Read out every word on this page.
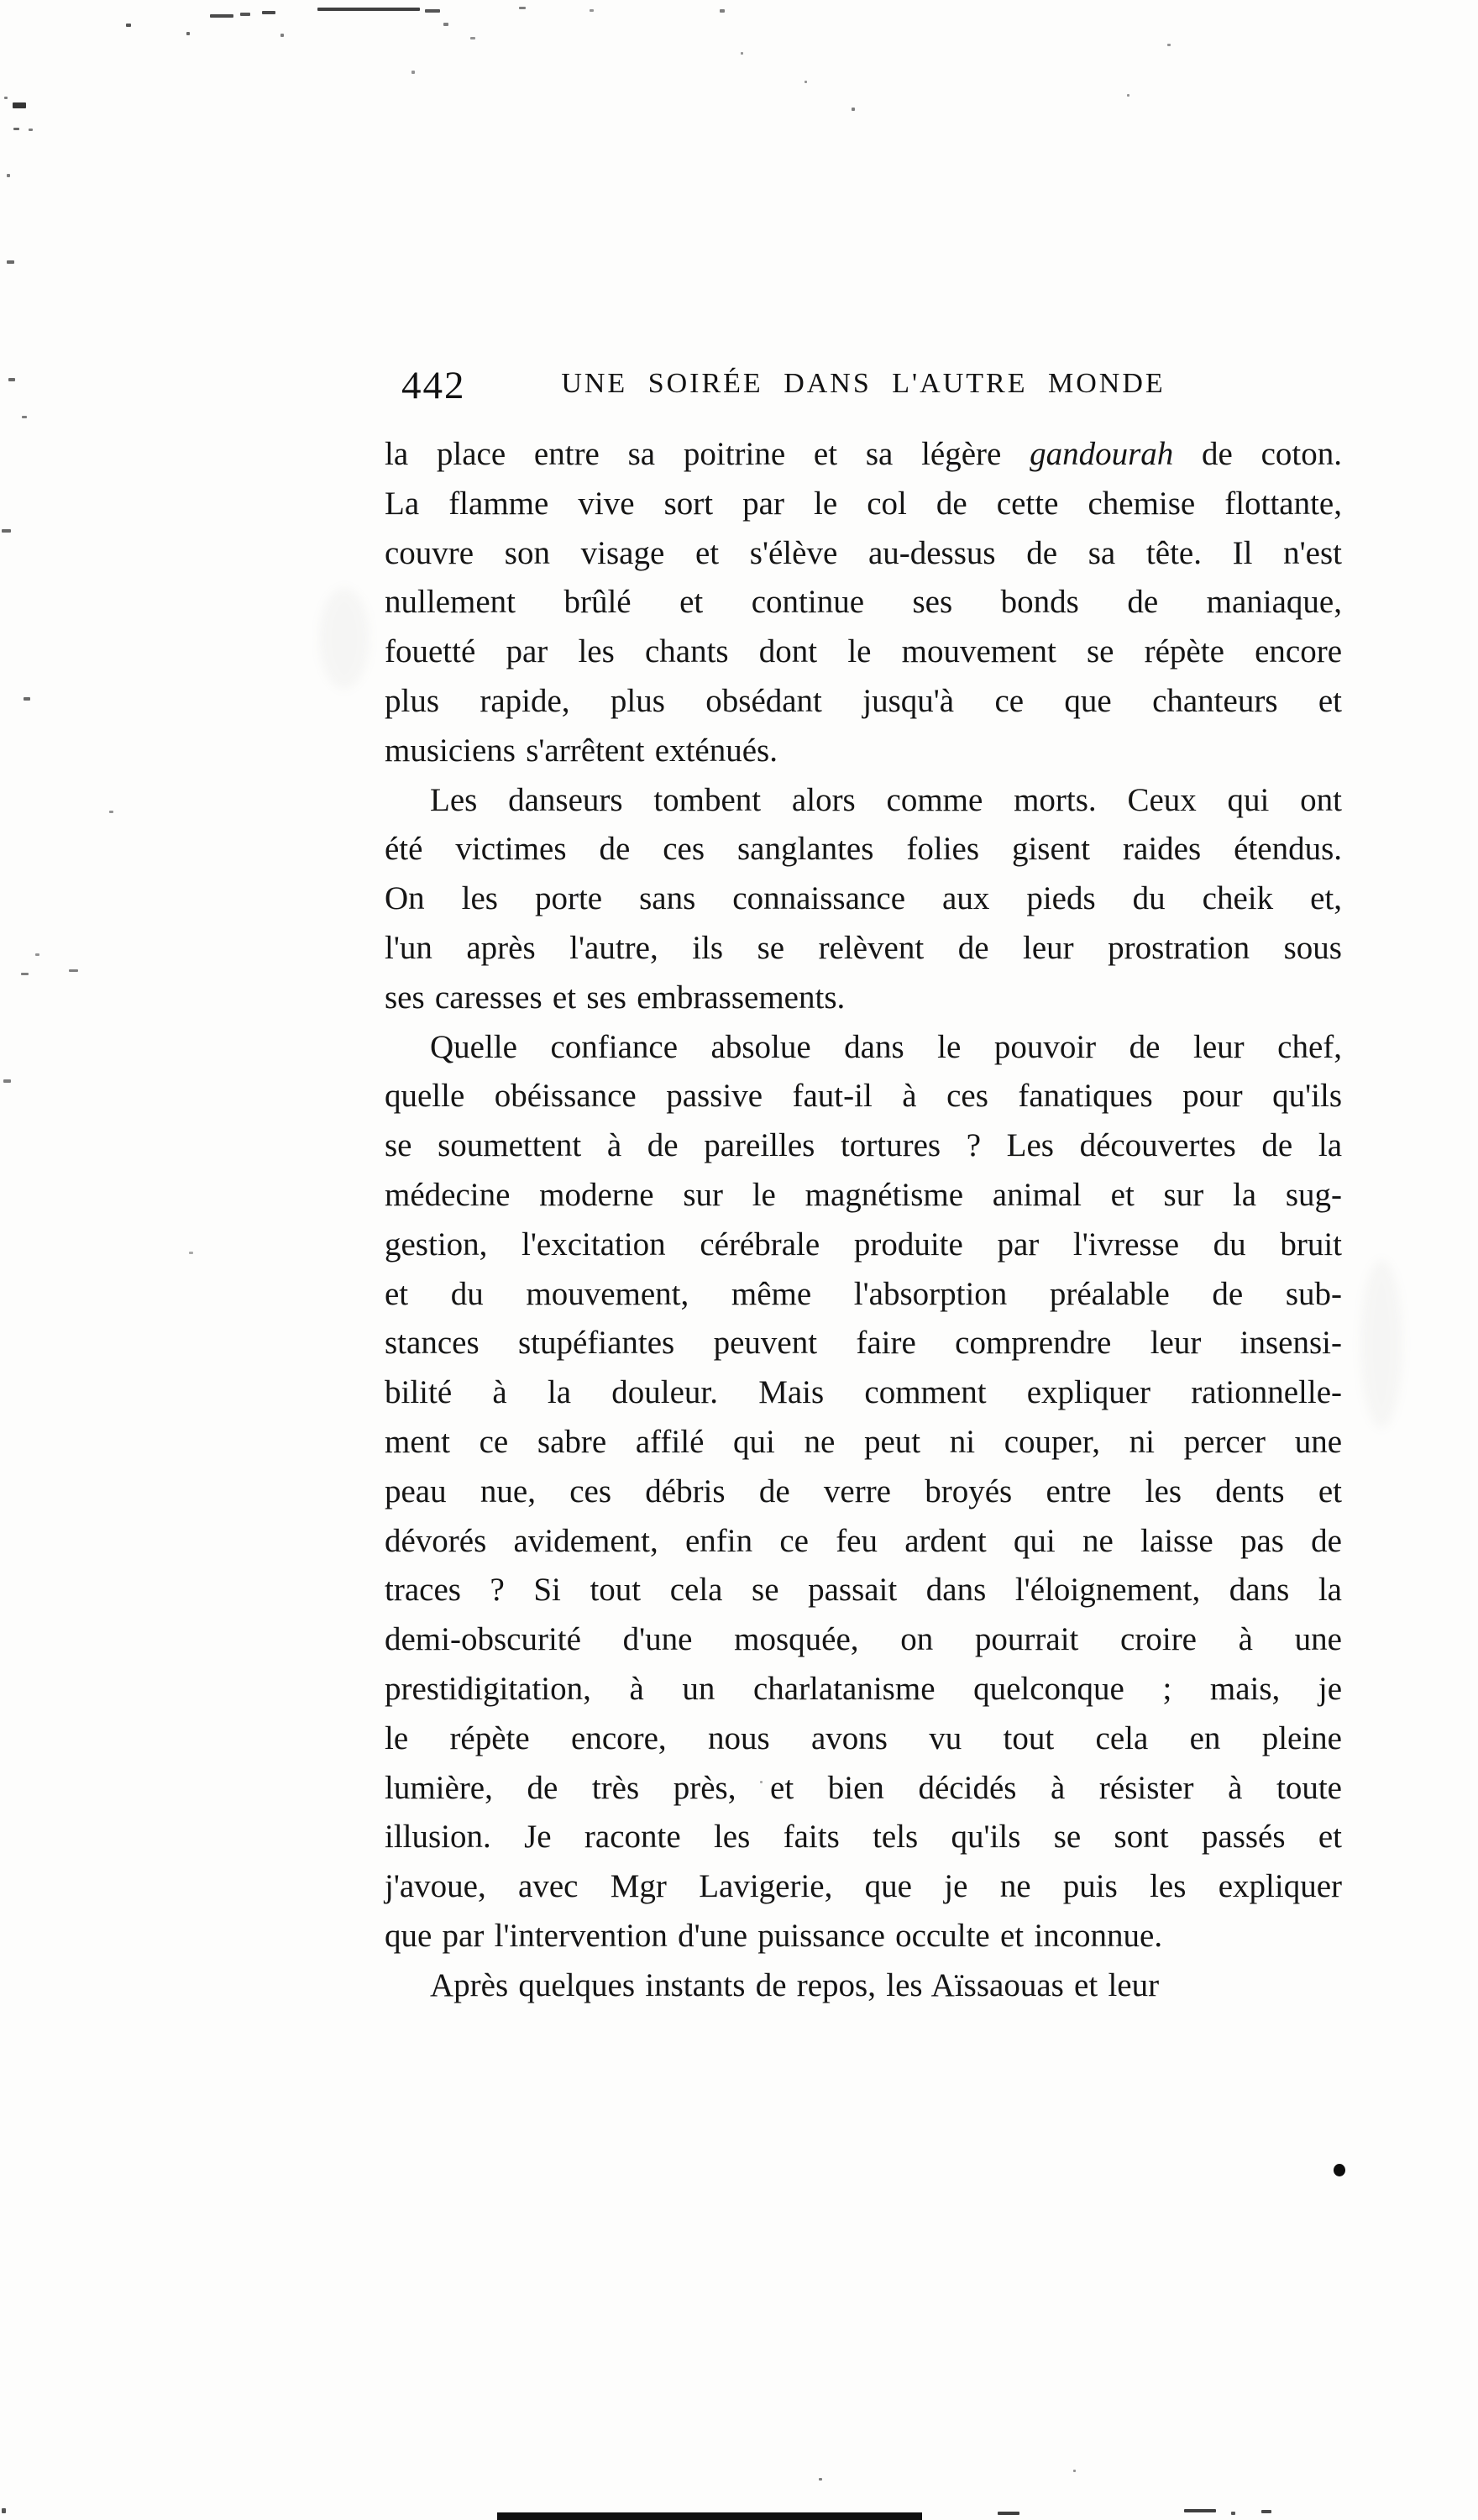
442	UNE SOIRÉE DANS L'AUTRE MONDE
la place entre sa poitrine et sa légère gandourah de coton.
La flamme vive sort par le col de cette chemise flottante,
couvre son visage et s'élève au-dessus de sa tête. Il n'est
nullement brûlé et continue ses bonds de maniaque,
fouetté par les chants dont le mouvement se répète encore
plus rapide, plus obsédant jusqu'à ce que chanteurs et
musiciens s'arrêtent exténués.
Les danseurs tombent alors comme morts. Ceux qui ont
été victimes de ces sanglantes folies gisent raides étendus.
On les porte sans connaissance aux pieds du cheik et,
l'un après l'autre, ils se relèvent de leur prostration sous
ses caresses et ses embrassements.
Quelle confiance absolue dans le pouvoir de leur chef,
quelle obéissance passive faut-il à ces fanatiques pour qu'ils
se soumettent à de pareilles tortures ? Les découvertes de la
médecine moderne sur le magnétisme animal et sur la sug-
gestion, l'excitation cérébrale produite par l'ivresse du bruit
et du mouvement, même l'absorption préalable de sub-
stances stupéfiantes peuvent faire comprendre leur insensi-
bilité à la douleur. Mais comment expliquer rationnelle-
ment ce sabre affilé qui ne peut ni couper, ni percer une
peau nue, ces débris de verre broyés entre les dents et
dévorés avidement, enfin ce feu ardent qui ne laisse pas de
traces ? Si tout cela se passait dans l'éloignement, dans la
demi-obscurité d'une mosquée, on pourrait croire à une
prestidigitation, à un charlatanisme quelconque ; mais, je
le répète encore, nous avons vu tout cela en pleine
lumière, de très près, et bien décidés à résister à toute
illusion. Je raconte les faits tels qu'ils se sont passés et
j'avoue, avec Mgr Lavigerie, que je ne puis les expliquer
que par l'intervention d'une puissance occulte et inconnue.
Après quelques instants de repos, les Aïssaouas et leur
